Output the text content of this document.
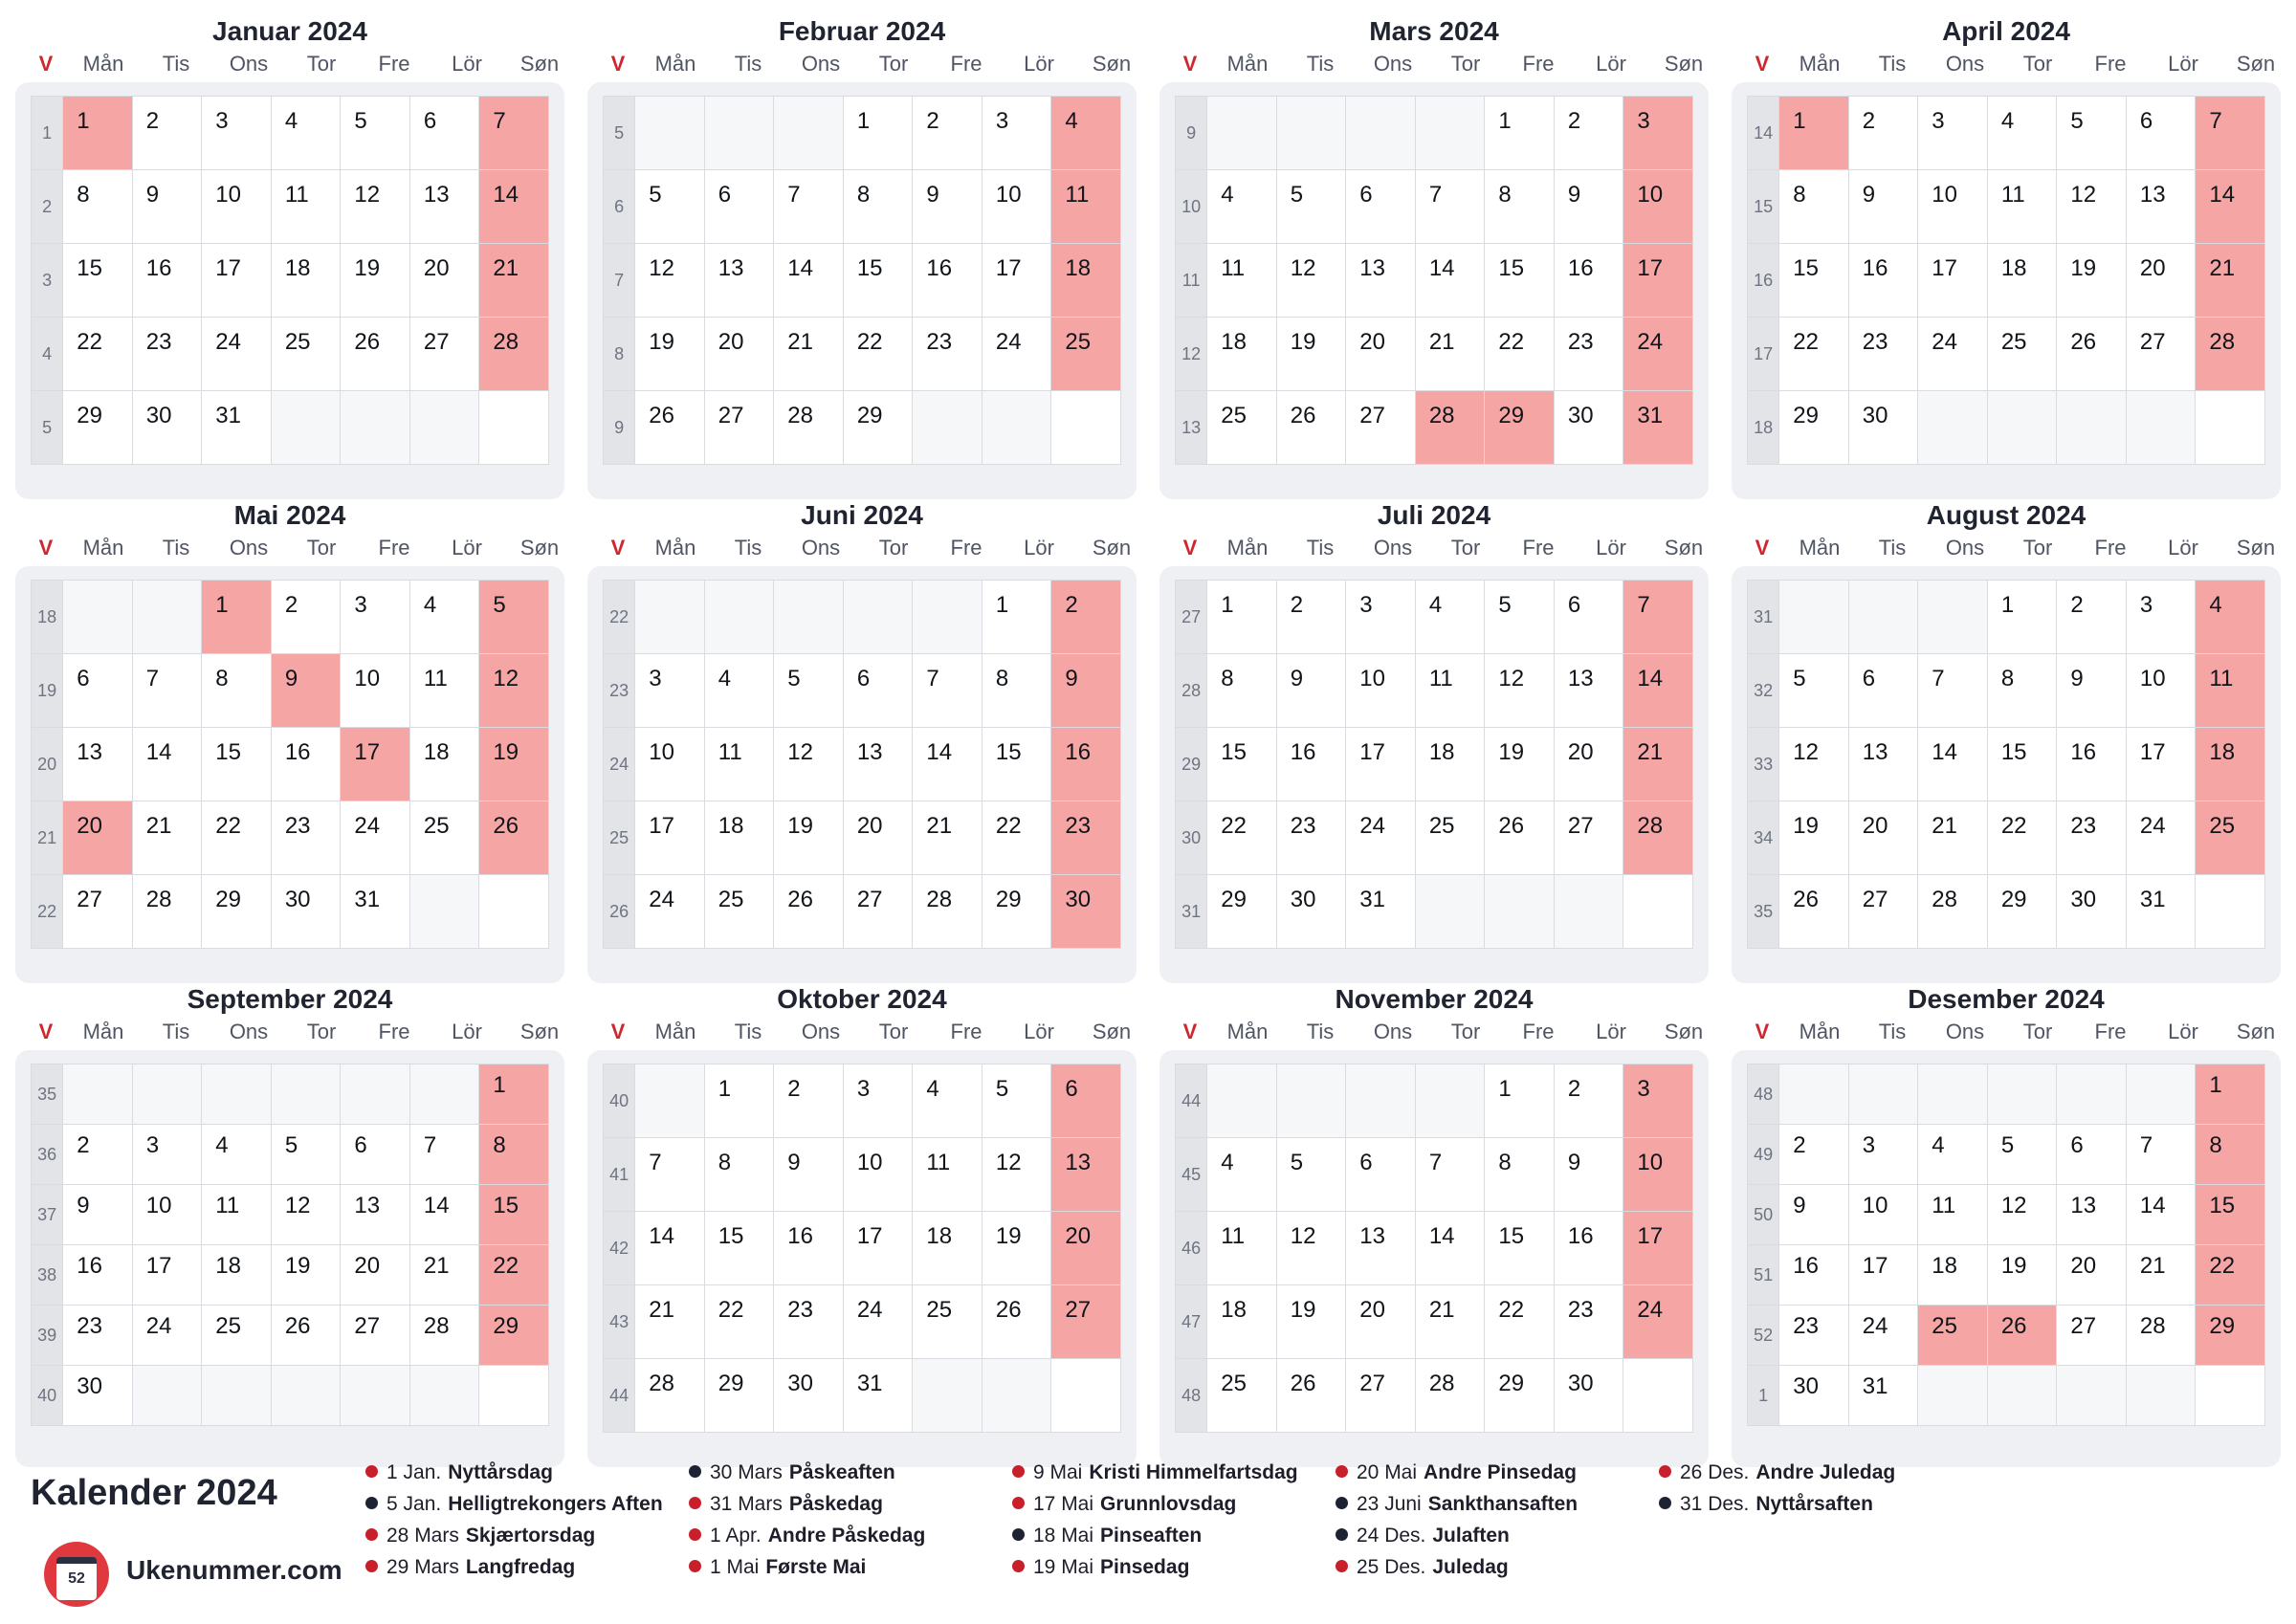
Januar 2024
V	Mån	Tis	Ons	Tor	Fre	Lör	Søn
1	1	2	3	4	5	6	7

2	8	9	10	11	12	13	14

3	15	16	17	18	19	20	21

4	22	23	24	25	26	27	28

5	29	30	31				

Februar 2024
V	Mån	Tis	Ons	Tor	Fre	Lör	Søn
5				1	2	3	4

6	5	6	7	8	9	10	11

7	12	13	14	15	16	17	18

8	19	20	21	22	23	24	25

9	26	27	28	29			

Mars 2024
V	Mån	Tis	Ons	Tor	Fre	Lör	Søn
9					1	2	3

10	4	5	6	7	8	9	10

11	11	12	13	14	15	16	17

12	18	19	20	21	22	23	24

13	25	26	27	28	29	30	31
April 2024
V	Mån	Tis	Ons	Tor	Fre	Lör	Søn
14	1	2	3	4	5	6	7

15	8	9	10	11	12	13	14

16	15	16	17	18	19	20	21

17	22	23	24	25	26	27	28

18	29	30					

Mai 2024
V	Mån	Tis	Ons	Tor	Fre	Lör	Søn
18			1	2	3	4	5

19	6	7	8	9	10	11	12

20	13	14	15	16	17	18	19

21	20	21	22	23	24	25	26

22	27	28	29	30	31		

Juni 2024
V	Mån	Tis	Ons	Tor	Fre	Lör	Søn
22						1	2

23	3	4	5	6	7	8	9

24	10	11	12	13	14	15	16

25	17	18	19	20	21	22	23

26	24	25	26	27	28	29	30
Juli 2024
V	Mån	Tis	Ons	Tor	Fre	Lör	Søn
27	1	2	3	4	5	6	7

28	8	9	10	11	12	13	14

29	15	16	17	18	19	20	21

30	22	23	24	25	26	27	28

31	29	30	31				

August 2024
V	Mån	Tis	Ons	Tor	Fre	Lör	Søn
31				1	2	3	4

32	5	6	7	8	9	10	11

33	12	13	14	15	16	17	18

34	19	20	21	22	23	24	25

35	26	27	28	29	30	31	

September 2024
V	Mån	Tis	Ons	Tor	Fre	Lör	Søn
35							1

36	2	3	4	5	6	7	8

37	9	10	11	12	13	14	15

38	16	17	18	19	20	21	22

39	23	24	25	26	27	28	29

40	30						

Oktober 2024
V	Mån	Tis	Ons	Tor	Fre	Lör	Søn
40		1	2	3	4	5	6

41	7	8	9	10	11	12	13

42	14	15	16	17	18	19	20

43	21	22	23	24	25	26	27

44	28	29	30	31			

November 2024
V	Mån	Tis	Ons	Tor	Fre	Lör	Søn
44					1	2	3

45	4	5	6	7	8	9	10

46	11	12	13	14	15	16	17

47	18	19	20	21	22	23	24

48	25	26	27	28	29	30	

Desember 2024
V	Mån	Tis	Ons	Tor	Fre	Lör	Søn
48							1

49	2	3	4	5	6	7	8

50	9	10	11	12	13	14	15

51	16	17	18	19	20	21	22

52	23	24	25	26	27	28	29

1	30	31					

Kalender 2024
52	Ukenummer.com
1 Jan. Nyttårsdag
5 Jan. Helligtrekongers Aften
28 Mars Skjærtorsdag
29 Mars Langfredag
30 Mars Påskeaften
31 Mars Påskedag
1 Apr. Andre Påskedag
1 Mai Første Mai
9 Mai Kristi Himmelfartsdag
17 Mai Grunnlovsdag
18 Mai Pinseaften
19 Mai Pinsedag
20 Mai Andre Pinsedag
23 Juni Sankthansaften
24 Des. Julaften
25 Des. Juledag
26 Des. Andre Juledag
31 Des. Nyttårsaften
